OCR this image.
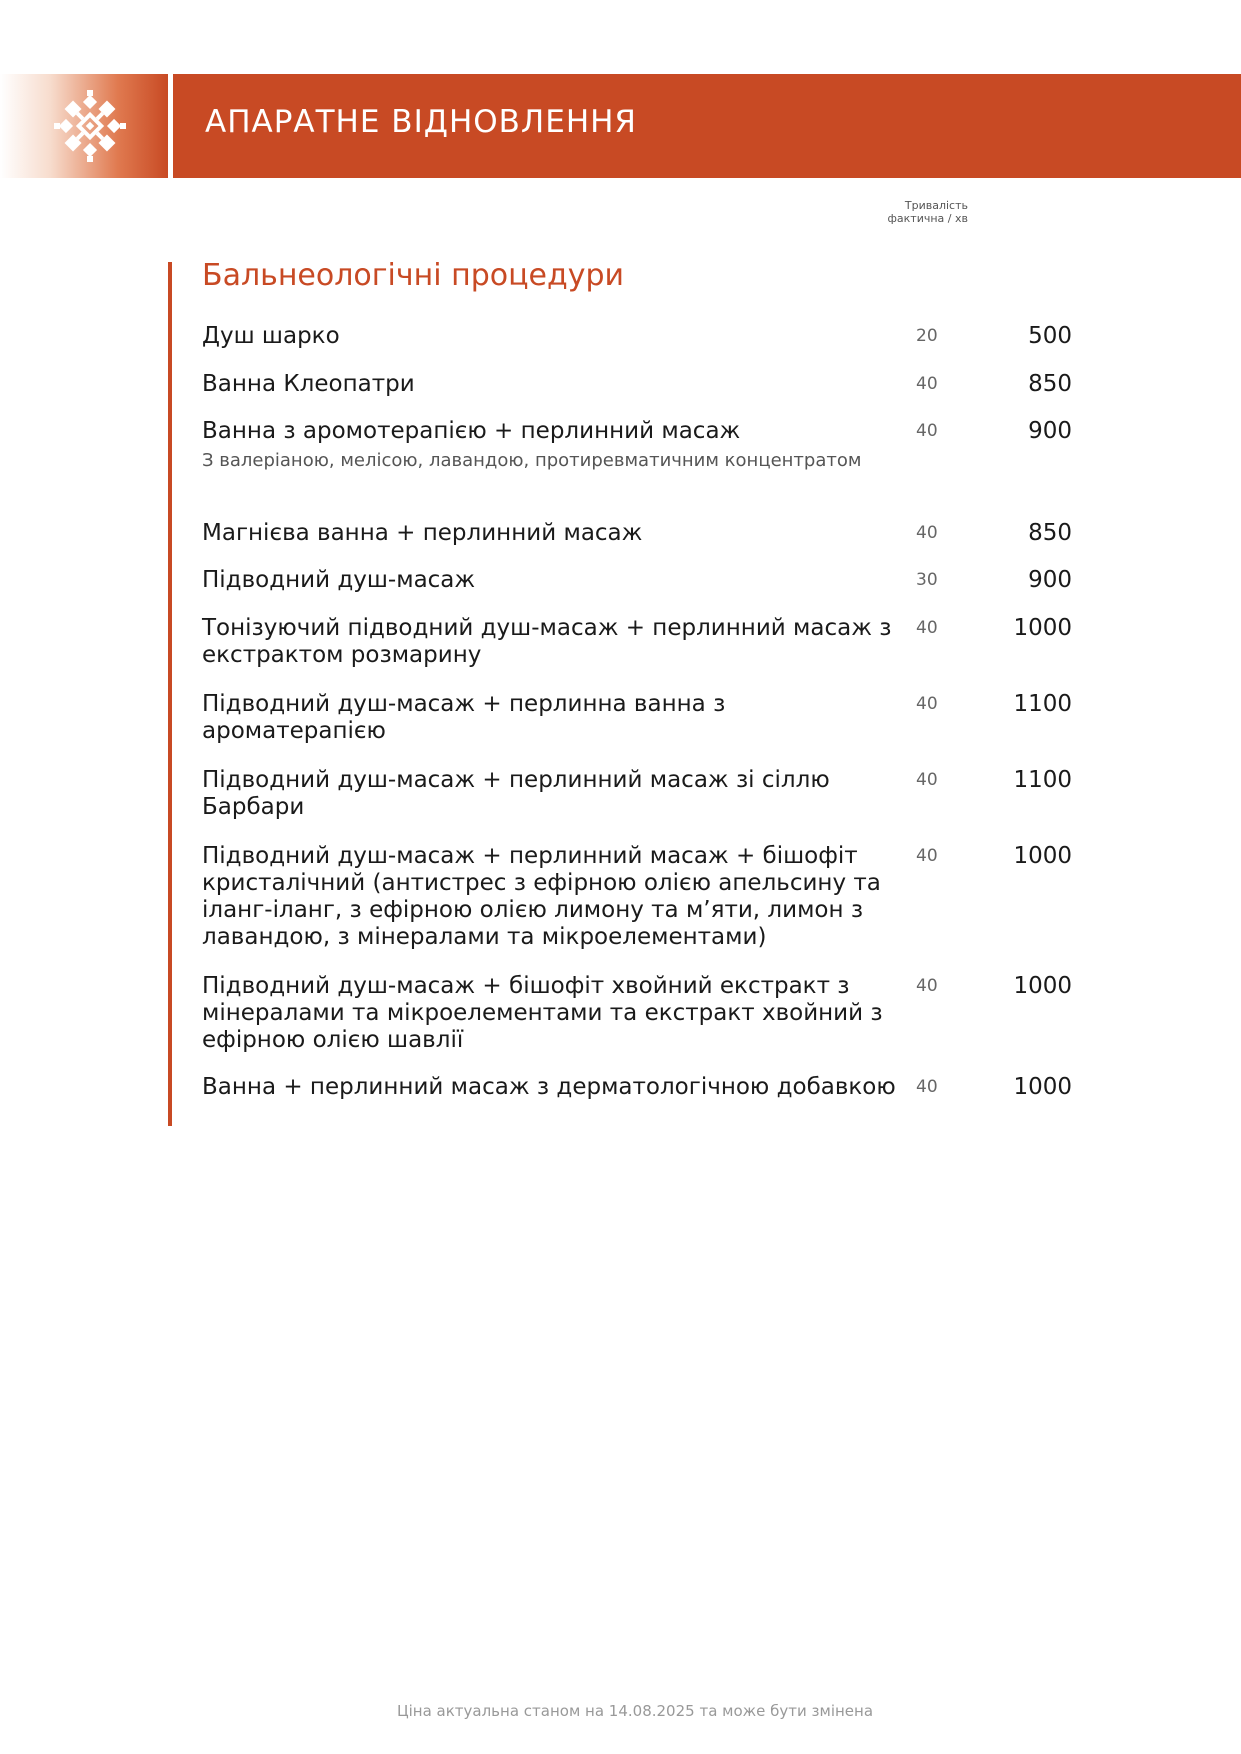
АПАРАТНЕ ВІДНОВЛЕННЯ
Тривалість
фактична / хв
Бальнеологічні процедури
Душ шарко	20	500
Ванна Клеопатри	40	850
Ванна з аромотерапією + перлинний масаж
З валеріаною, мелісою, лавандою, протиревматичним концентратом
40	900
Магнієва ванна + перлинний масаж	40	850
Підводний душ-масаж	30	900
Тонізуючий підводний душ-масаж + перлинний масаж з екстрактом розмарину
40	1000
Підводний душ-масаж + перлинна ванна з ароматерапією
40	1100
Підводний душ-масаж + перлинний масаж зі сіллю Барбари
40	1100
Підводний душ-масаж + перлинний масаж + бішофіт кристалічний (антистрес з ефірною олією апельсину та іланг-іланг, з ефірною олією лимону та м’яти, лимон з лавандою, з мінералами та мікроелементами)
40	1000
Підводний душ-масаж + бішофіт хвойний екстракт з мінералами та мікроелементами та екстракт хвойний з ефірною олією шавлії
40	1000
Ванна + перлинний масаж з дерматологічною добавкою	40	1000
Ціна актуальна станом на 14.08.2025 та може бути змінена
